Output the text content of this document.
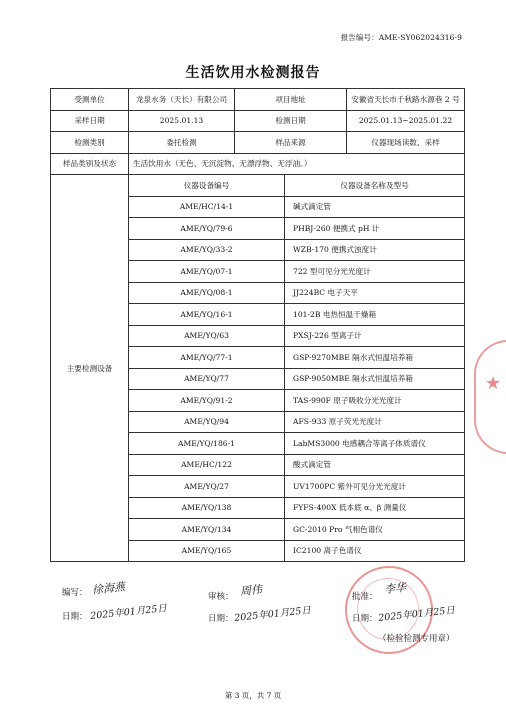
报告编号：AME-SY062024316-9
生活饮用水检测报告
受测单位	龙泉水务（天长）有限公司	项目地址		安徽省天长市千秋路水源巷 2 号
采样日期	2025.01.13	检测日期		2025.01.13~2025.01.22
检测类别	委托检测	样品来源		仪器现场读数、采样
样品类别及状态	生活饮用水（无色、无沉淀物、无漂浮物、无浮油。）			
主要检测设备	仪器设备编号		仪器设备名称及型号	
	AME/HC/14-1		碱式滴定管	
	AME/YQ/79-6		PHBJ-260 便携式 pH 计	
	AME/YQ/33-2		WZB-170 便携式浊度计	
	AME/YQ/07-1		722 型可见分光光度计	
	AME/YQ/08-1		JJ224BC 电子天平	
	AME/YQ/16-1		101-2B 电热恒温干燥箱	
	AME/YQ/63		PXSJ-226 型离子计	
	AME/YQ/77-1		GSP-9270MBE 隔水式恒温培养箱	
	AME/YQ/77		GSP-9050MBE 隔水式恒温培养箱	
	AME/YQ/91-2		TAS-990F 原子吸收分光光度计	
	AME/YQ/94		AFS-933 原子荧光光度计	
	AME/YQ/186-1		LabMS3000 电感耦合等离子体质谱仪	
	AME/HC/122		酸式滴定管	
	AME/YQ/27		UV1700PC 紫外可见分光光度计	
	AME/YQ/138		FYFS-400X 低本底 α、β 测量仪	
	AME/YQ/134		GC-2010 Pro 气相色谱仪	
	AME/YQ/165		IC2100 离子色谱仪	
★
编写： 徐海燕
日期： 2025年01月25日
审核： 周伟
日期： 2025年01月25日
批准：
李华
日期： 2025年01月25日
（检验检测专用章）
第 3 页，共 7 页
